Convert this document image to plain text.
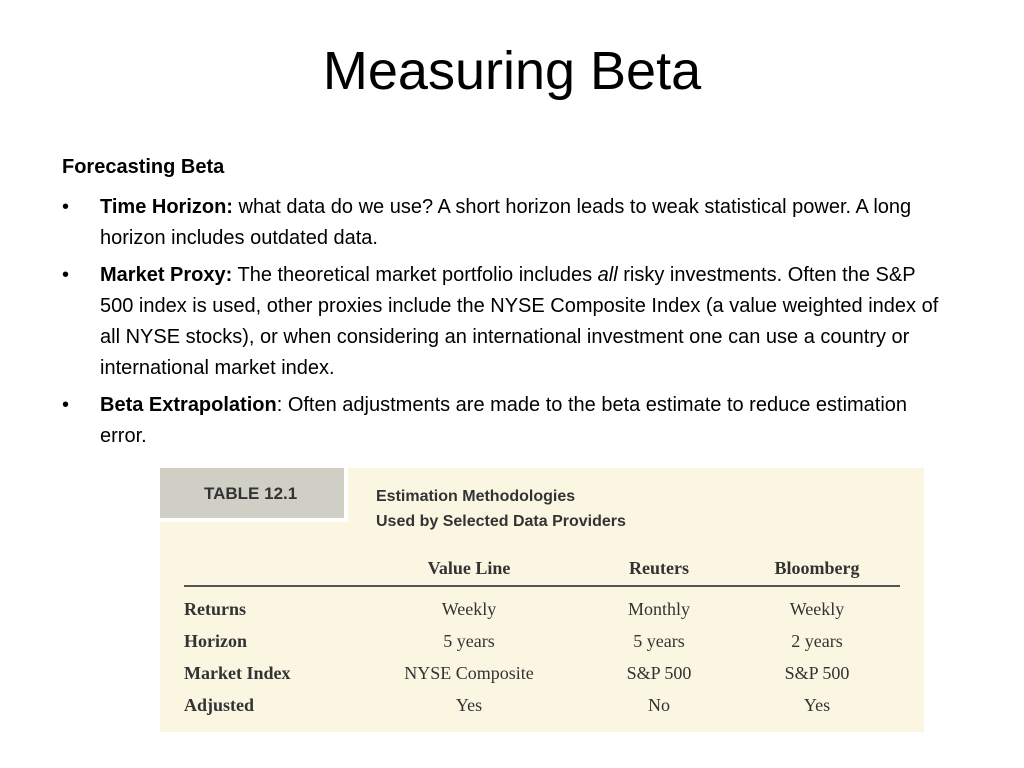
Measuring Beta
Forecasting Beta
• Time Horizon: what data do we use? A short horizon leads to weak statistical power. A long horizon includes outdated data.
• Market Proxy: The theoretical market portfolio includes all risky investments. Often the S&P 500 index is used, other proxies include the NYSE Composite Index (a value weighted index of all NYSE stocks), or when considering an international investment one can use a country or international market index.
• Beta Extrapolation: Often adjustments are made to the beta estimate to reduce estimation error.
TABLE 12.1	Estimation Methodologies
Used by Selected Data Providers
	Value Line	Reuters	Bloomberg
Returns	Weekly	Monthly	Weekly
Horizon	5 years	5 years	2 years
Market Index	NYSE Composite	S&P 500	S&P 500
Adjusted	Yes	No	Yes
